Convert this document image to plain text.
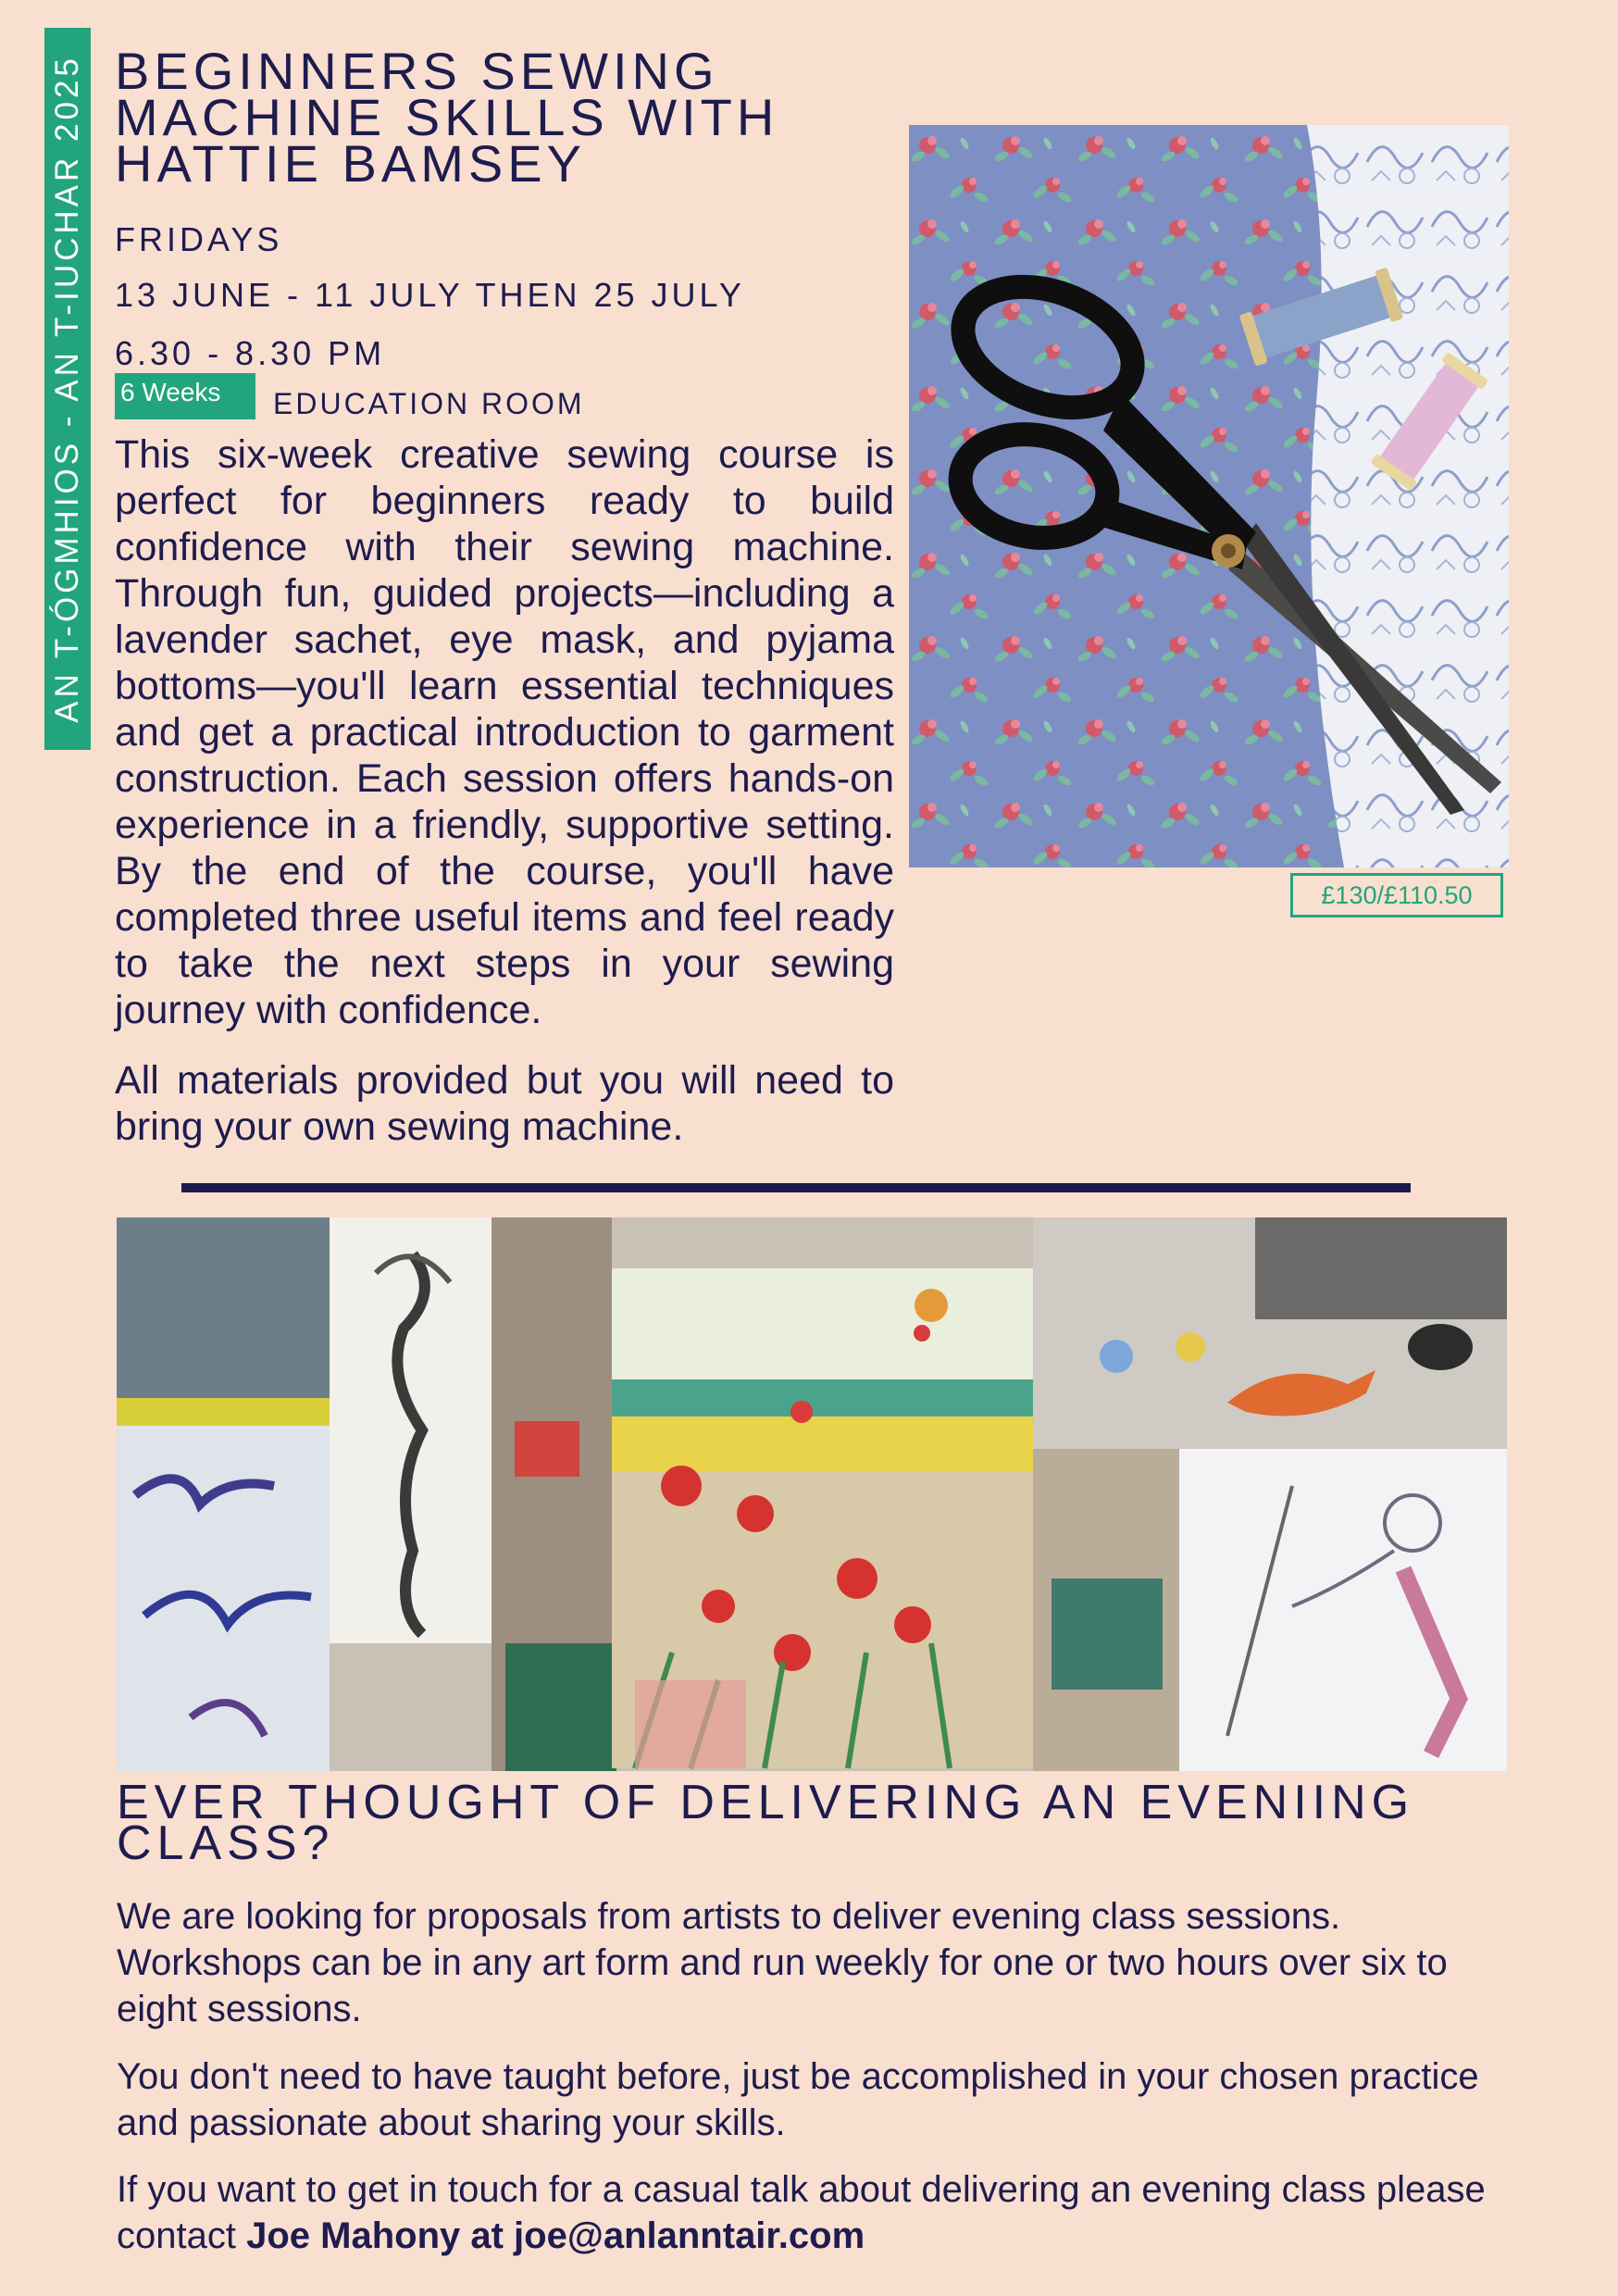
AN T-ÓGMHIOS - AN T-IUCHAR 2025 BEGINNERS SEWING MACHINE SKILLS WITH HATTIE BAMSEY
FRIDAYS
13 JUNE - 11 JULY THEN 25 JULY
6.30 - 8.30 PM
6 Weeks	EDUCATION ROOM

This six-week creative sewing course is perfect for beginners ready to build confidence with their sewing machine. Through fun, guided projects—including a lavender sachet, eye mask, and pyjama bottoms—you'll learn essential techniques and get a practical introduction to garment construction. Each session offers hands-on experience in a friendly, supportive setting. By the end of the course, you'll have completed three useful items and feel ready to take the next steps in your sewing journey with confidence.

All materials provided but you will need to bring your own sewing machine.

£130/£110.50
EVER THOUGHT OF DELIVERING AN EVENIING CLASS?

We are looking for proposals from artists to deliver evening class sessions. Workshops can be in any art form and run weekly for one or two hours over six to eight sessions.

You don't need to have taught before, just be accomplished in your chosen practice and passionate about sharing your skills.

If you want to get in touch for a casual talk about delivering an evening class please contact Joe Mahony at joe@anlanntair.com
